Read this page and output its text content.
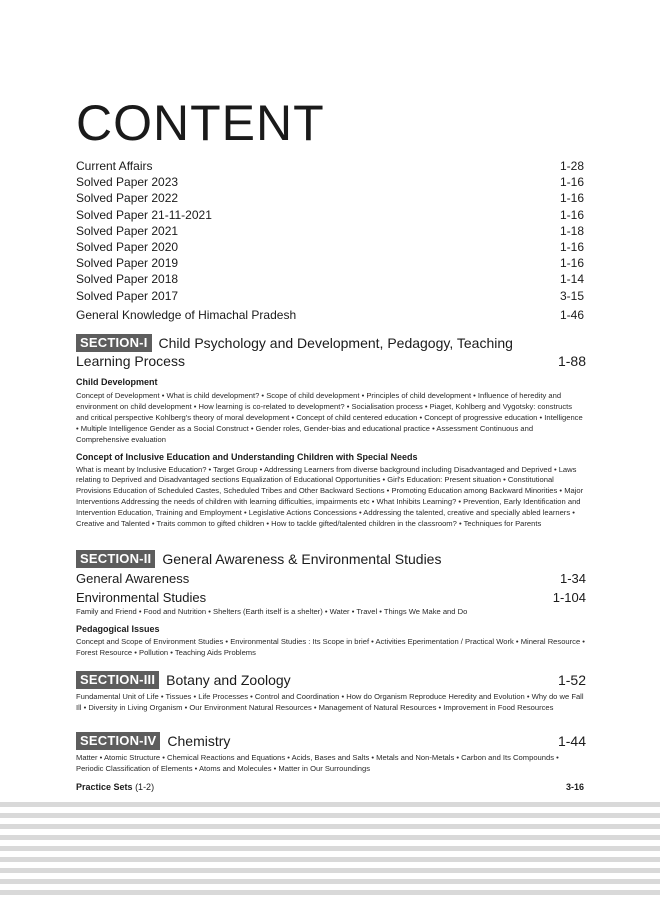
CONTENT
Current Affairs	1-28
Solved Paper 2023	1-16
Solved Paper 2022	1-16
Solved Paper 21-11-2021	1-16
Solved Paper 2021	1-18
Solved Paper 2020	1-16
Solved Paper 2019	1-16
Solved Paper 2018	1-14
Solved Paper 2017	3-15
General Knowledge of Himachal Pradesh	1-46
SECTION-I Child Psychology and Development, Pedagogy, Teaching
Learning Process	1-88
Child Development
Concept of Development • What is child development? • Scope of child development • Principles of child development • Influence of heredity and environment on child development • How learning is co-related to development? • Socialisation process • Piaget, Kohlberg and Vygotsky: constructs and critical perspective Kohlberg's theory of moral development • Concept of child centered education • Concept of progressive education • Intelligence • Multiple Intelligence Gender as a Social Construct • Gender roles, Gender-bias and educational practice • Assessment Continuous and Comprehensive evaluation
Concept of Inclusive Education and Understanding Children with Special Needs
What is meant by Inclusive Education? • Target Group • Addressing Learners from diverse background including Disadvantaged and Deprived • Laws relating to Deprived and Disadvantaged sections Equalization of Educational Opportunities • Girl's Education: Present situation • Constitutional Provisions Education of Scheduled Castes, Scheduled Tribes and Other Backward Sections • Promoting Education among Backward Minorities • Major Interventions Addressing the needs of children with learning difficulties, impairments etc • What Inhibits Learning? • Prevention, Early Identification and Intervention Education, Training and Employment • Legislative Actions Concessions • Addressing the talented, creative and specially abled learners • Creative and Talented • Traits common to gifted children • How to tackle gifted/talented children in the classroom? • Techniques for Parents
SECTION-II General Awareness & Environmental Studies
General Awareness	1-34
Environmental Studies	1-104
Family and Friend • Food and Nutrition • Shelters (Earth itself is a shelter) • Water • Travel • Things We Make and Do
Pedagogical Issues
Concept and Scope of Environment Studies • Environmental Studies : Its Scope in brief • Activities Eperimentation / Practical Work • Mineral Resource • Forest Resource • Pollution • Teaching Aids Problems
SECTION-III Botany and Zoology	1-52
Fundamental Unit of Life • Tissues • Life Processes • Control and Coordination • How do Organism Reproduce Heredity and Evolution • Why do we Fall Ill • Diversity in Living Organism • Our Environment Natural Resources • Management of Natural Resources • Improvement in Food Resources
SECTION-IV Chemistry	1-44
Matter • Atomic Structure • Chemical Reactions and Equations • Acids, Bases and Salts • Metals and Non-Metals • Carbon and Its Compounds • Periodic Classification of Elements • Atoms and Molecules • Matter in Our Surroundings
Practice Sets (1-2)	3-16
